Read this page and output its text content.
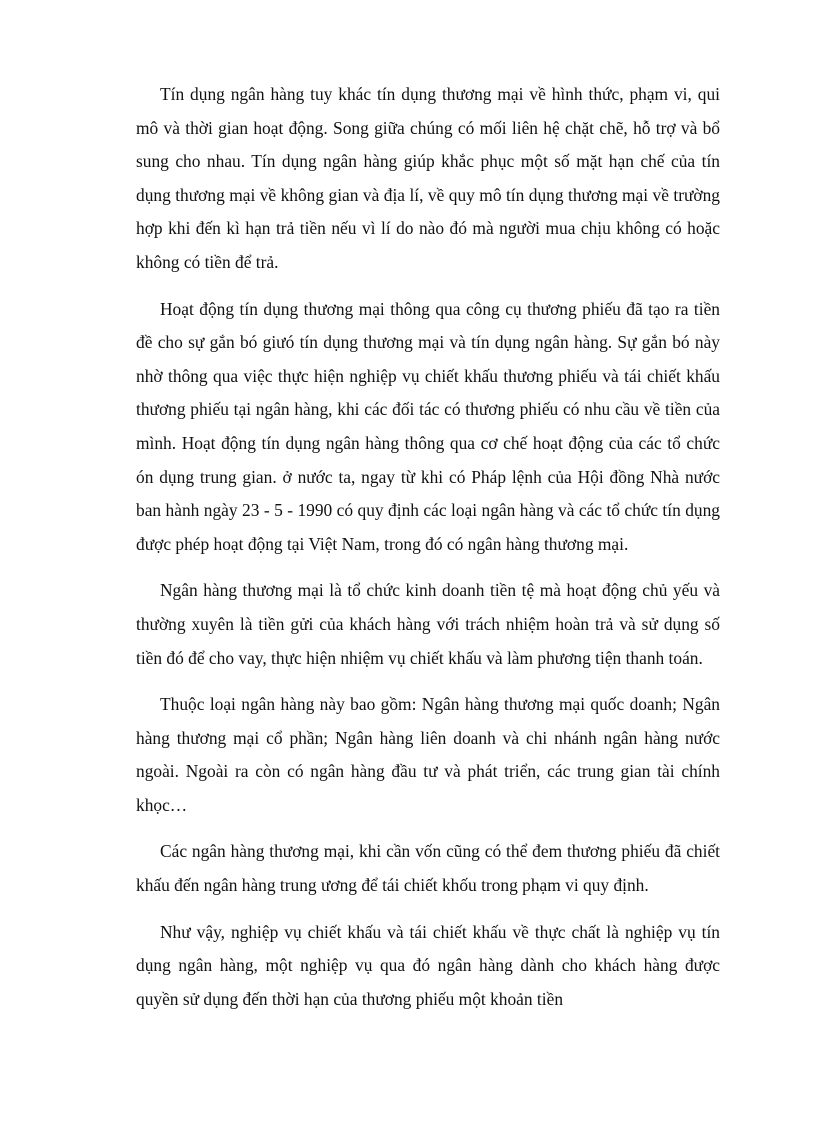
Tín dụng ngân hàng tuy khác tín dụng thương mại về hình thức, phạm vi, qui mô và thời gian hoạt động. Song giữa chúng có mối liên hệ chặt chẽ, hỗ trợ và bổ sung cho nhau. Tín dụng ngân hàng giúp khắc phục một số mặt hạn chế của tín dụng thương mại về không gian và địa lí, về quy mô tín dụng thương mại về trường hợp khi đến kì hạn trả tiền nếu vì lí do nào đó mà người mua chịu không có hoặc không có tiền để trả.

Hoạt động tín dụng thương mại thông qua công cụ thương phiếu đã tạo ra tiền đề cho sự gắn bó giưó tín dụng thương mại và tín dụng ngân hàng. Sự gắn bó này nhờ thông qua việc thực hiện nghiệp vụ chiết khấu thương phiếu và tái chiết khấu thương phiếu tại ngân hàng, khi các đối tác có thương phiếu có nhu cầu về tiền của mình. Hoạt động tín dụng ngân hàng thông qua cơ chế hoạt động của các tổ chức ón dụng trung gian. ở nước ta, ngay từ khi có Pháp lệnh của Hội đồng Nhà nước ban hành ngày 23 - 5 - 1990 có quy định các loại ngân hàng và các tổ chức tín dụng được phép hoạt động tại Việt Nam, trong đó có ngân hàng thương mại.

Ngân hàng thương mại là tổ chức kinh doanh tiền tệ mà hoạt động chủ yếu và thường xuyên là tiền gửi của khách hàng với trách nhiệm hoàn trả và sử dụng số tiền đó để cho vay, thực hiện nhiệm vụ chiết khấu và làm phương tiện thanh toán.

Thuộc loại ngân hàng này bao gồm: Ngân hàng thương mại quốc doanh; Ngân hàng thương mại cổ phần; Ngân hàng liên doanh và chi nhánh ngân hàng nước ngoài. Ngoài ra còn có ngân hàng đầu tư và phát triển, các trung gian tài chính khọc…

Các ngân hàng thương mại, khi cần vốn cũng có thể đem thương phiếu đã chiết khấu đến ngân hàng trung ương để tái chiết khốu trong phạm vi quy định.

Như vậy, nghiệp vụ chiết khấu và tái chiết khấu về thực chất là nghiệp vụ tín dụng ngân hàng, một nghiệp vụ qua đó ngân hàng dành cho khách hàng được quyền sử dụng đến thời hạn của thương phiếu một khoản tiền
